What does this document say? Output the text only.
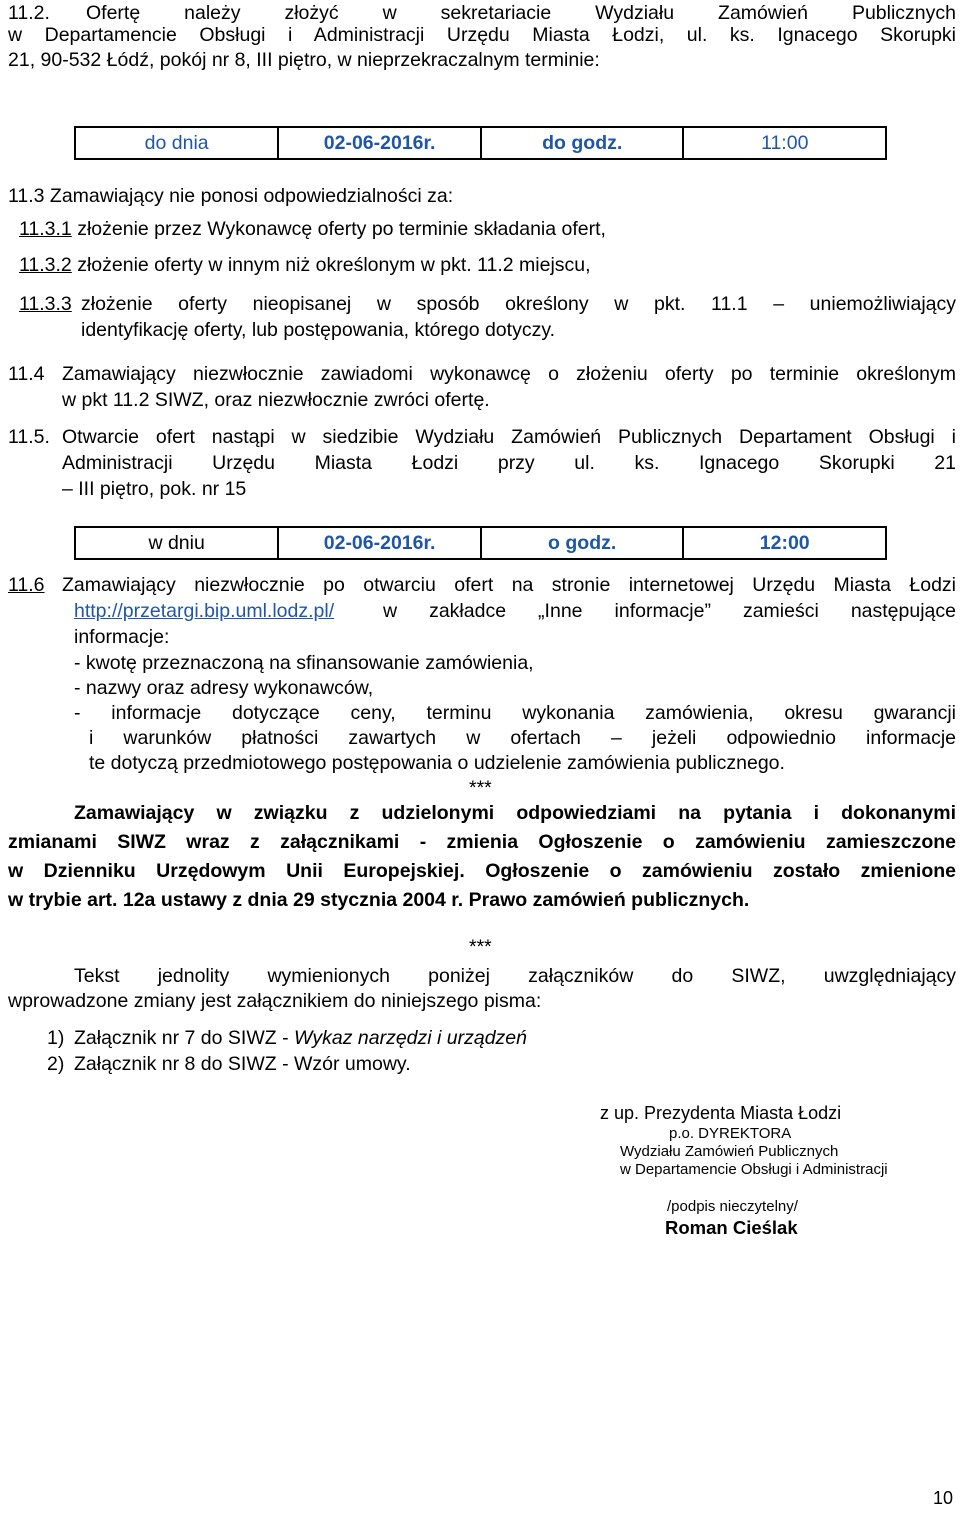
11.2. Ofertę należy złożyć w sekretariacie Wydziału Zamówień Publicznych
w Departamencie Obsługi i Administracji Urzędu Miasta Łodzi, ul. ks. Ignacego Skorupki
21, 90-532 Łódź, pokój nr 8, III piętro, w nieprzekraczalnym terminie:
do dnia	02-06-2016r.	do godz.	11:00
11.3 Zamawiający nie ponosi odpowiedzialności za:
11.3.1 złożenie przez Wykonawcę oferty po terminie składania ofert,
11.3.2 złożenie oferty w innym niż określonym w pkt. 11.2 miejscu,
11.3.3 złożenie oferty nieopisanej w sposób określony w pkt. 11.1 – uniemożliwiający
identyfikację oferty, lub postępowania, którego dotyczy.
11.4 Zamawiający niezwłocznie zawiadomi wykonawcę o złożeniu oferty po terminie określonym
w pkt 11.2 SIWZ, oraz niezwłocznie zwróci ofertę.
11.5. Otwarcie ofert nastąpi w siedzibie Wydziału Zamówień Publicznych Departament Obsługi i
Administracji Urzędu Miasta Łodzi przy ul. ks. Ignacego Skorupki 21
– III piętro, pok. nr 15
w dniu	02-06-2016r.	o godz.	12:00
11.6 Zamawiający niezwłocznie po otwarciu ofert na stronie internetowej Urzędu Miasta Łodzi
http://przetargi.bip.uml.lodz.pl/	w zakładce „Inne informacje” zamieści następujące
informacje:
- kwotę przeznaczoną na sfinansowanie zamówienia,
- nazwy oraz adresy wykonawców,
- informacje dotyczące ceny, terminu wykonania zamówienia, okresu gwarancji
i warunków płatności zawartych w ofertach – jeżeli odpowiednio informacje
te dotyczą przedmiotowego postępowania o udzielenie zamówienia publicznego.
***
Zamawiający w związku z udzielonymi odpowiedziami na pytania i dokonanymi
zmianami SIWZ wraz z załącznikami - zmienia Ogłoszenie o zamówieniu zamieszczone
w Dzienniku Urzędowym Unii Europejskiej. Ogłoszenie o zamówieniu zostało zmienione
w trybie art. 12a ustawy z dnia 29 stycznia 2004 r. Prawo zamówień publicznych.
***
Tekst jednolity wymienionych poniżej załączników do SIWZ, uwzględniający
wprowadzone zmiany jest załącznikiem do niniejszego pisma:
1) Załącznik nr 7 do SIWZ - Wykaz narzędzi i urządzeń
2) Załącznik nr 8 do SIWZ - Wzór umowy.
z up. Prezydenta Miasta Łodzi
p.o. DYREKTORA
Wydziału Zamówień Publicznych
w Departamencie Obsługi i Administracji
/podpis nieczytelny/
Roman Cieślak
10
